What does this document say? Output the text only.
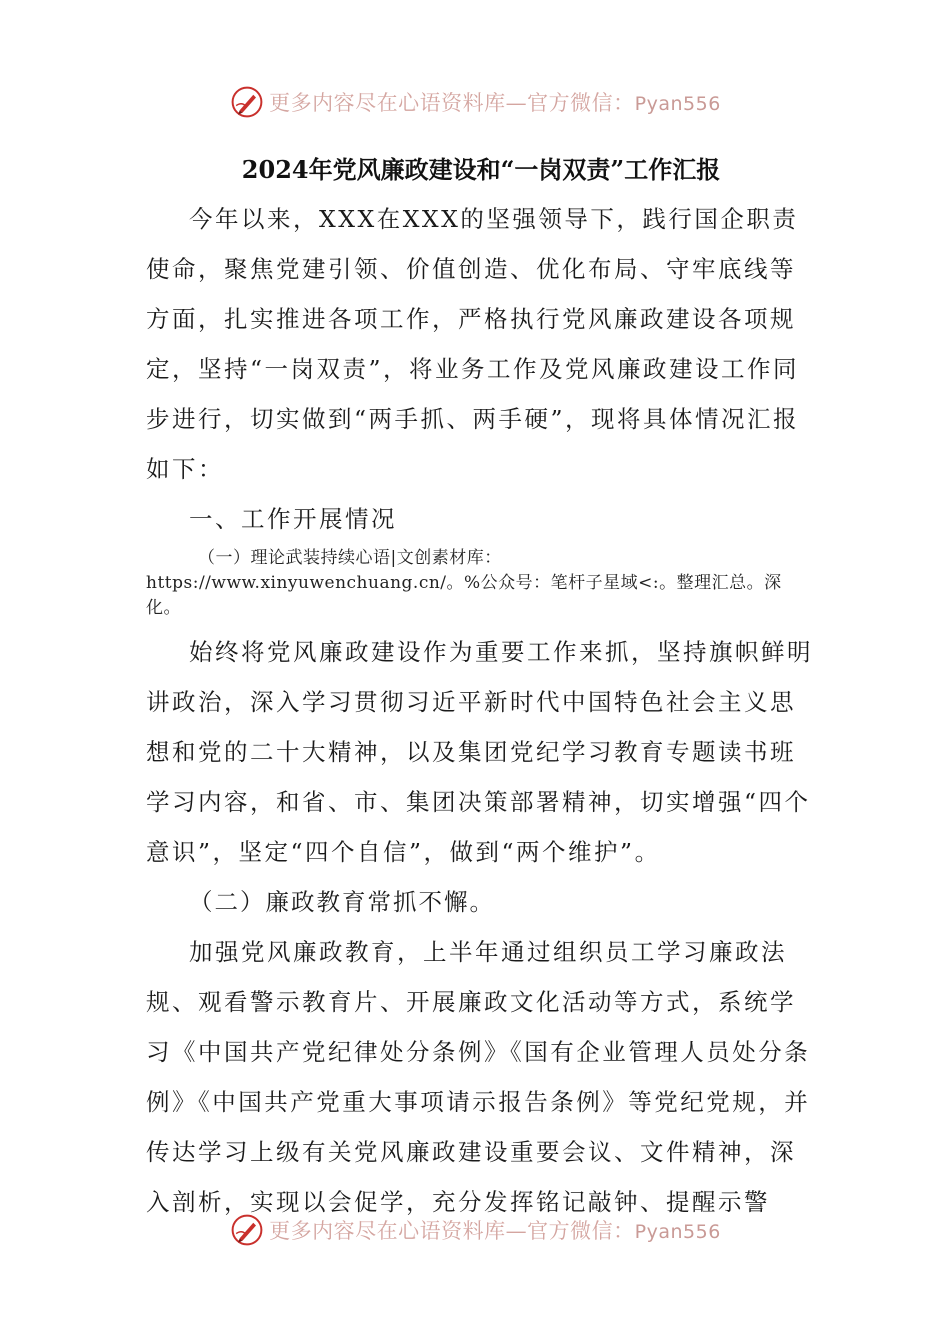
更多内容尽在心语资料库—官方微信：Pyan556
2024年党风廉政建设和“一岗双责”工作汇报

今年以来，XXX在XXX的坚强领导下，践行国企职责使命，聚焦党建引领、价值创造、优化布局、守牢底线等方面，扎实推进各项工作，严格执行党风廉政建设各项规定，坚持“一岗双责”，将业务工作及党风廉政建设工作同步进行，切实做到“两手抓、两手硬”，现将具体情况汇报如下：

一、工作开展情况

（一）理论武装持续心语|文创素材库：https://www.xinyuwenchuang.cn/。%公众号：笔杆子星域<:。整理汇总。深化。

始终将党风廉政建设作为重要工作来抓，坚持旗帜鲜明讲政治，深入学习贯彻习近平新时代中国特色社会主义思想和党的二十大精神，以及集团党纪学习教育专题读书班学习内容，和省、市、集团决策部署精神，切实增强“四个意识”，坚定“四个自信”，做到“两个维护”。

（二）廉政教育常抓不懈。

加强党风廉政教育，上半年通过组织员工学习廉政法规、观看警示教育片、开展廉政文化活动等方式，系统学习《中国共产党纪律处分条例》《国有企业管理人员处分条例》《中国共产党重大事项请示报告条例》等党纪党规，并传达学习上级有关党风廉政建设重要会议、文件精神，深入剖析，实现以会促学，充分发挥铭记敲钟、提醒示警

更多内容尽在心语资料库—官方微信：Pyan556
